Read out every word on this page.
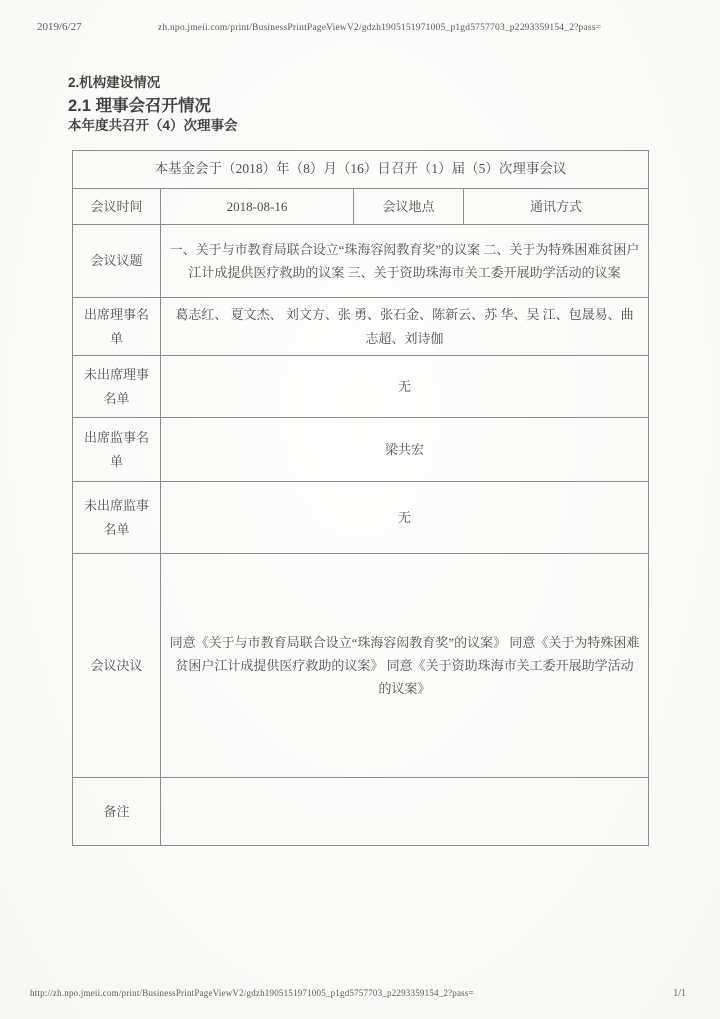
2019/6/27	zh.npo.jmeii.com/print/BusinessPrintPageViewV2/gdzh1905151971005_p1gd5757703_p2293359154_2?pass=
2.机构建设情况
2.1 理事会召开情况
本年度共召开（4）次理事会
本基金会于（2018）年（8）月（16）日召开（1）届（5）次理事会议			
会议时间	2018-08-16	会议地点	通讯方式
会议议题	一、关于与市教育局联合设立“珠海容闳教育奖”的议案 二、关于为特殊困难贫困户江计成提供医疗救助的议案 三、关于资助珠海市关工委开展助学活动的议案		
出席理事名单	葛志红、 夏文杰、 刘文方、张 勇、张石金、陈新云、苏 华、吴 江、包晟易、曲志超、刘诗伽		
未出席理事名单	无		
出席监事名单	梁共宏		
未出席监事名单	无		
会议决议	同意《关于与市教育局联合设立“珠海容闳教育奖”的议案》 同意《关于为特殊困难贫困户江计成提供医疗救助的议案》 同意《关于资助珠海市关工委开展助学活动的议案》		
备注			
http://zh.npo.jmeii.com/print/BusinessPrintPageViewV2/gdzh1905151971005_p1gd5757703_p2293359154_2?pass=	1/1
